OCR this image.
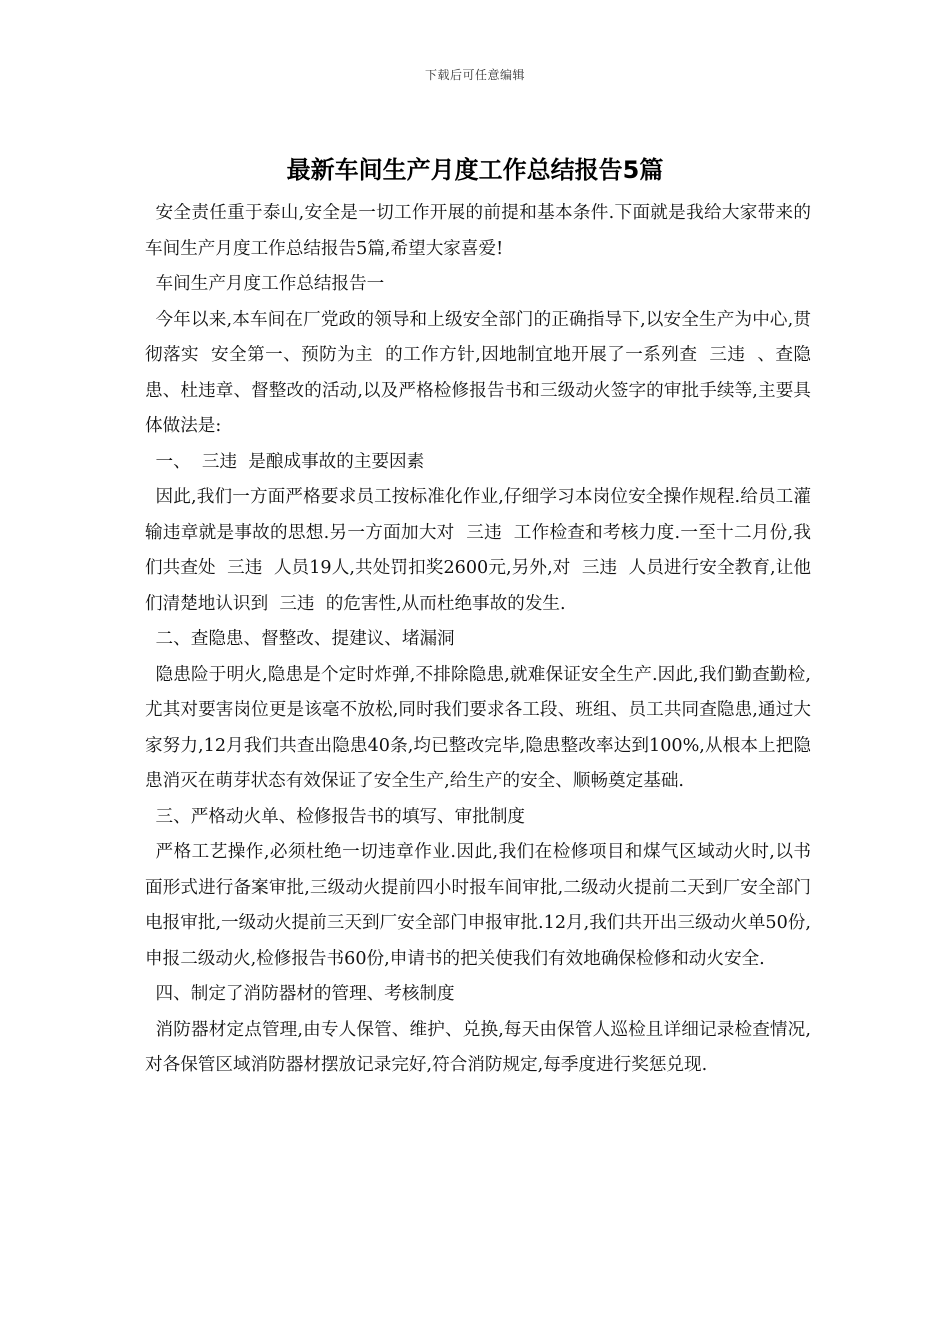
下载后可任意编辑
最新车间生产月度工作总结报告5篇

安全责任重于泰山,安全是一切工作开展的前提和基本条件.下面就是我给大家带来的车间生产月度工作总结报告5篇,希望大家喜爱!

车间生产月度工作总结报告一

今年以来,本车间在厂党政的领导和上级安全部门的正确指导下,以安全生产为中心,贯彻落实  安全第一、预防为主  的工作方针,因地制宜地开展了一系列查  三违  、查隐患、杜违章、督整改的活动,以及严格检修报告书和三级动火签字的审批手续等,主要具体做法是:

一、  三违  是酿成事故的主要因素

因此,我们一方面严格要求员工按标准化作业,仔细学习本岗位安全操作规程.给员工灌输违章就是事故的思想.另一方面加大对  三违  工作检查和考核力度.一至十二月份,我们共查处  三违  人员19人,共处罚扣奖2600元,另外,对  三违  人员进行安全教育,让他们清楚地认识到  三违  的危害性,从而杜绝事故的发生.

二、查隐患、督整改、提建议、堵漏洞

隐患险于明火,隐患是个定时炸弹,不排除隐患,就难保证安全生产.因此,我们勤查勤检,尤其对要害岗位更是该毫不放松,同时我们要求各工段、班组、员工共同查隐患,通过大家努力,12月我们共查出隐患40条,均已整改完毕,隐患整改率达到100%,从根本上把隐患消灭在萌芽状态有效保证了安全生产,给生产的安全、顺畅奠定基础.

三、严格动火单、检修报告书的填写、审批制度

严格工艺操作,必须杜绝一切违章作业.因此,我们在检修项目和煤气区域动火时,以书面形式进行备案审批,三级动火提前四小时报车间审批,二级动火提前二天到厂安全部门电报审批,一级动火提前三天到厂安全部门申报审批.12月,我们共开出三级动火单50份,申报二级动火,检修报告书60份,申请书的把关使我们有效地确保检修和动火安全.

四、制定了消防器材的管理、考核制度

消防器材定点管理,由专人保管、维护、兑换,每天由保管人巡检且详细记录检查情况,对各保管区域消防器材摆放记录完好,符合消防规定,每季度进行奖惩兑现.
